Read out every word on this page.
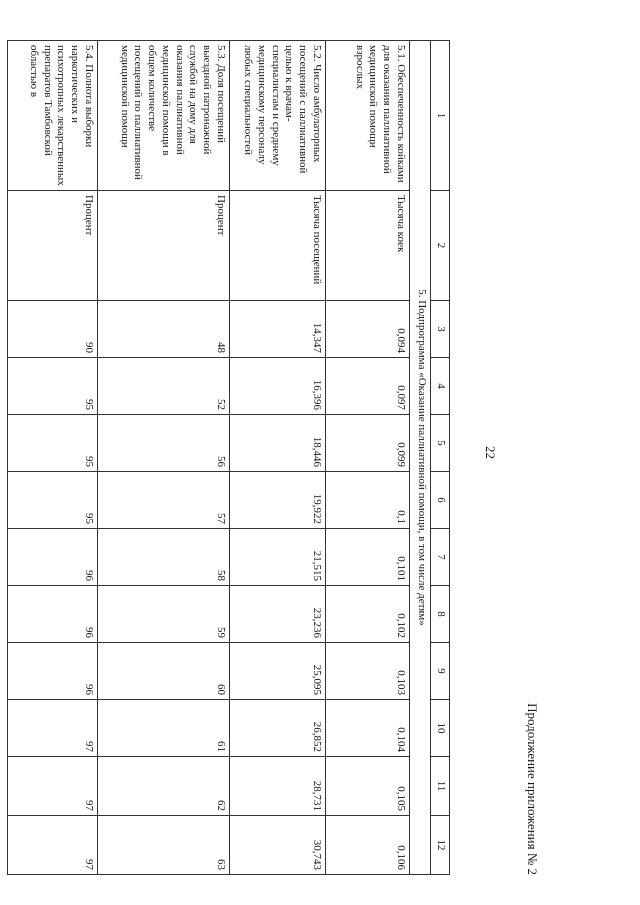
22
Продолжение приложения № 2
1	2	3	4	5	6	7	8	9	10	11	12
5. Подпрограмма «Оказание паллиативной помощи, в том числе детям»											
5.1. Обеспеченность койками для оказания паллиативной медицинской помощи взрослых	Тысяча коек	0,094	0,097	0,099	0,1	0,101	0,102	0,103	0,104	0,105	0,106
5.2. Число амбулаторных посещений с паллиативной целью к врачам-специалистам и среднему медицинскому персоналу любых специальностей	Тысяча посещений	14,347	16,396	18,446	19,922	21,515	23,236	25,095	26,852	28,731	30,743
5.3. Доля посещений выездной патронажной службой на дому для оказания паллиативной медицинской помощи в общем количестве посещений по паллиативной медицинской помощи	Процент	48	52	56	57	58	59	60	61	62	63
5.4. Полнота выборки наркотических и психотропных лекарственных препаратов Тамбовской областью в	Процент	90	95	95	95	96	96	96	97	97	97
